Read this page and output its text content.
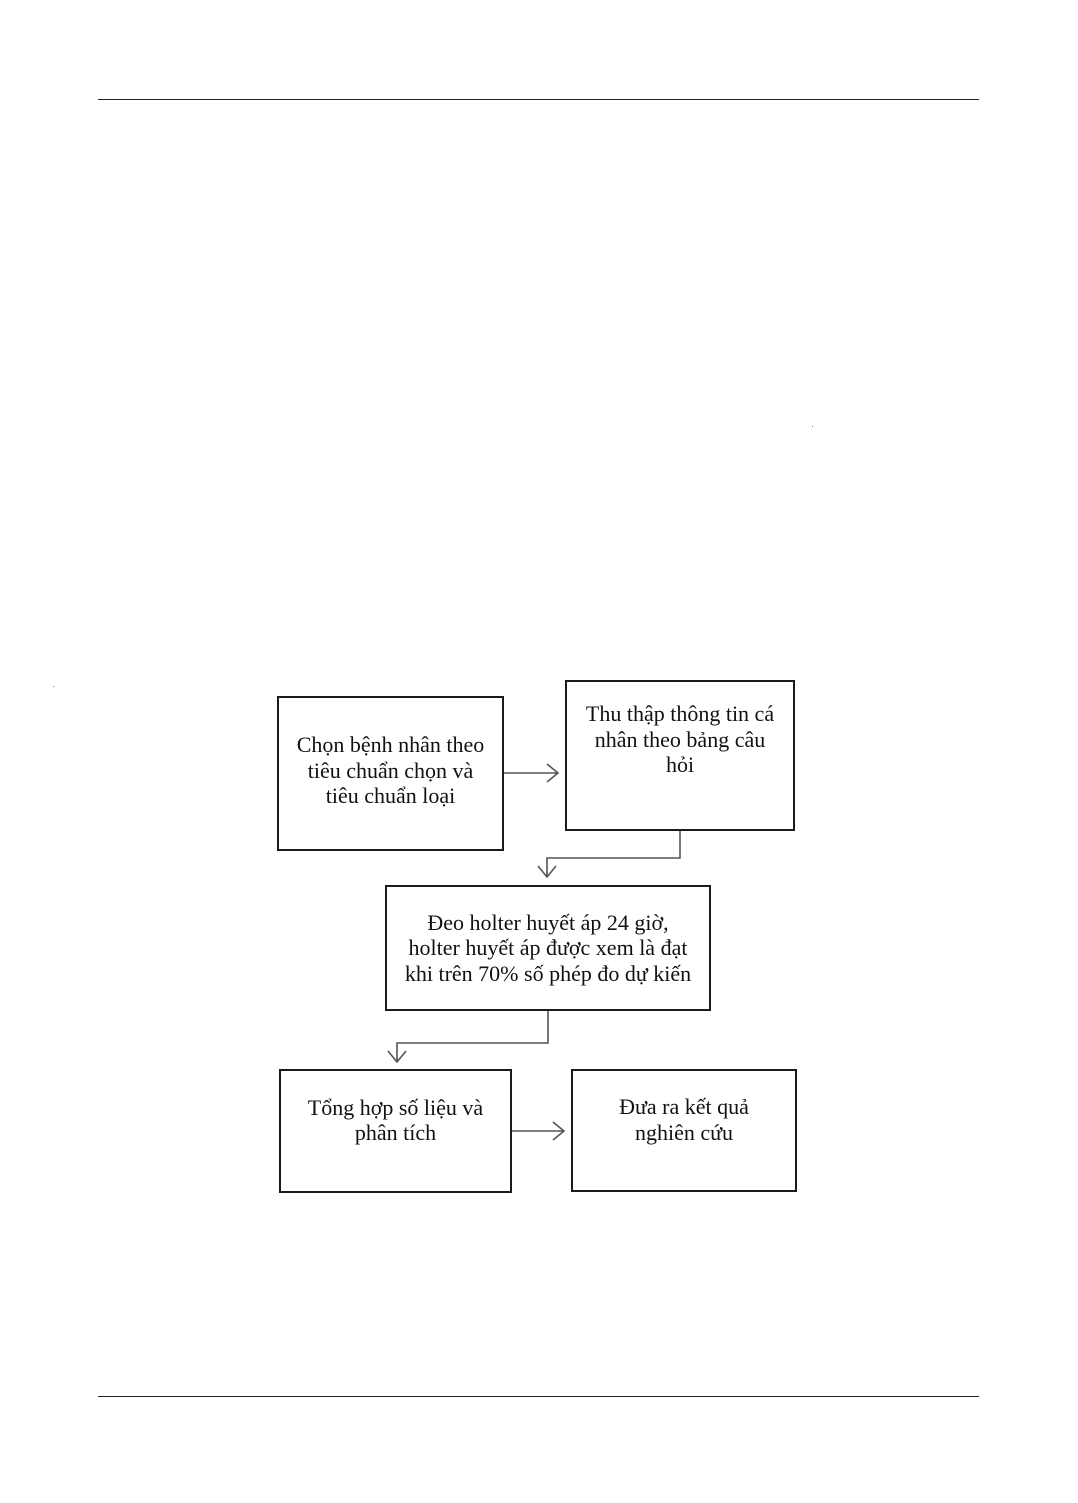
Chọn bệnh nhân theo tiêu chuẩn chọn và tiêu chuẩn loại
Thu thập thông tin cá nhân theo bảng câu hỏi
Đeo holter huyết áp 24 giờ, holter huyết áp được xem là đạt khi trên 70% số phép đo dự kiến
Tổng hợp số liệu và phân tích
Đưa ra kết quả nghiên cứu
